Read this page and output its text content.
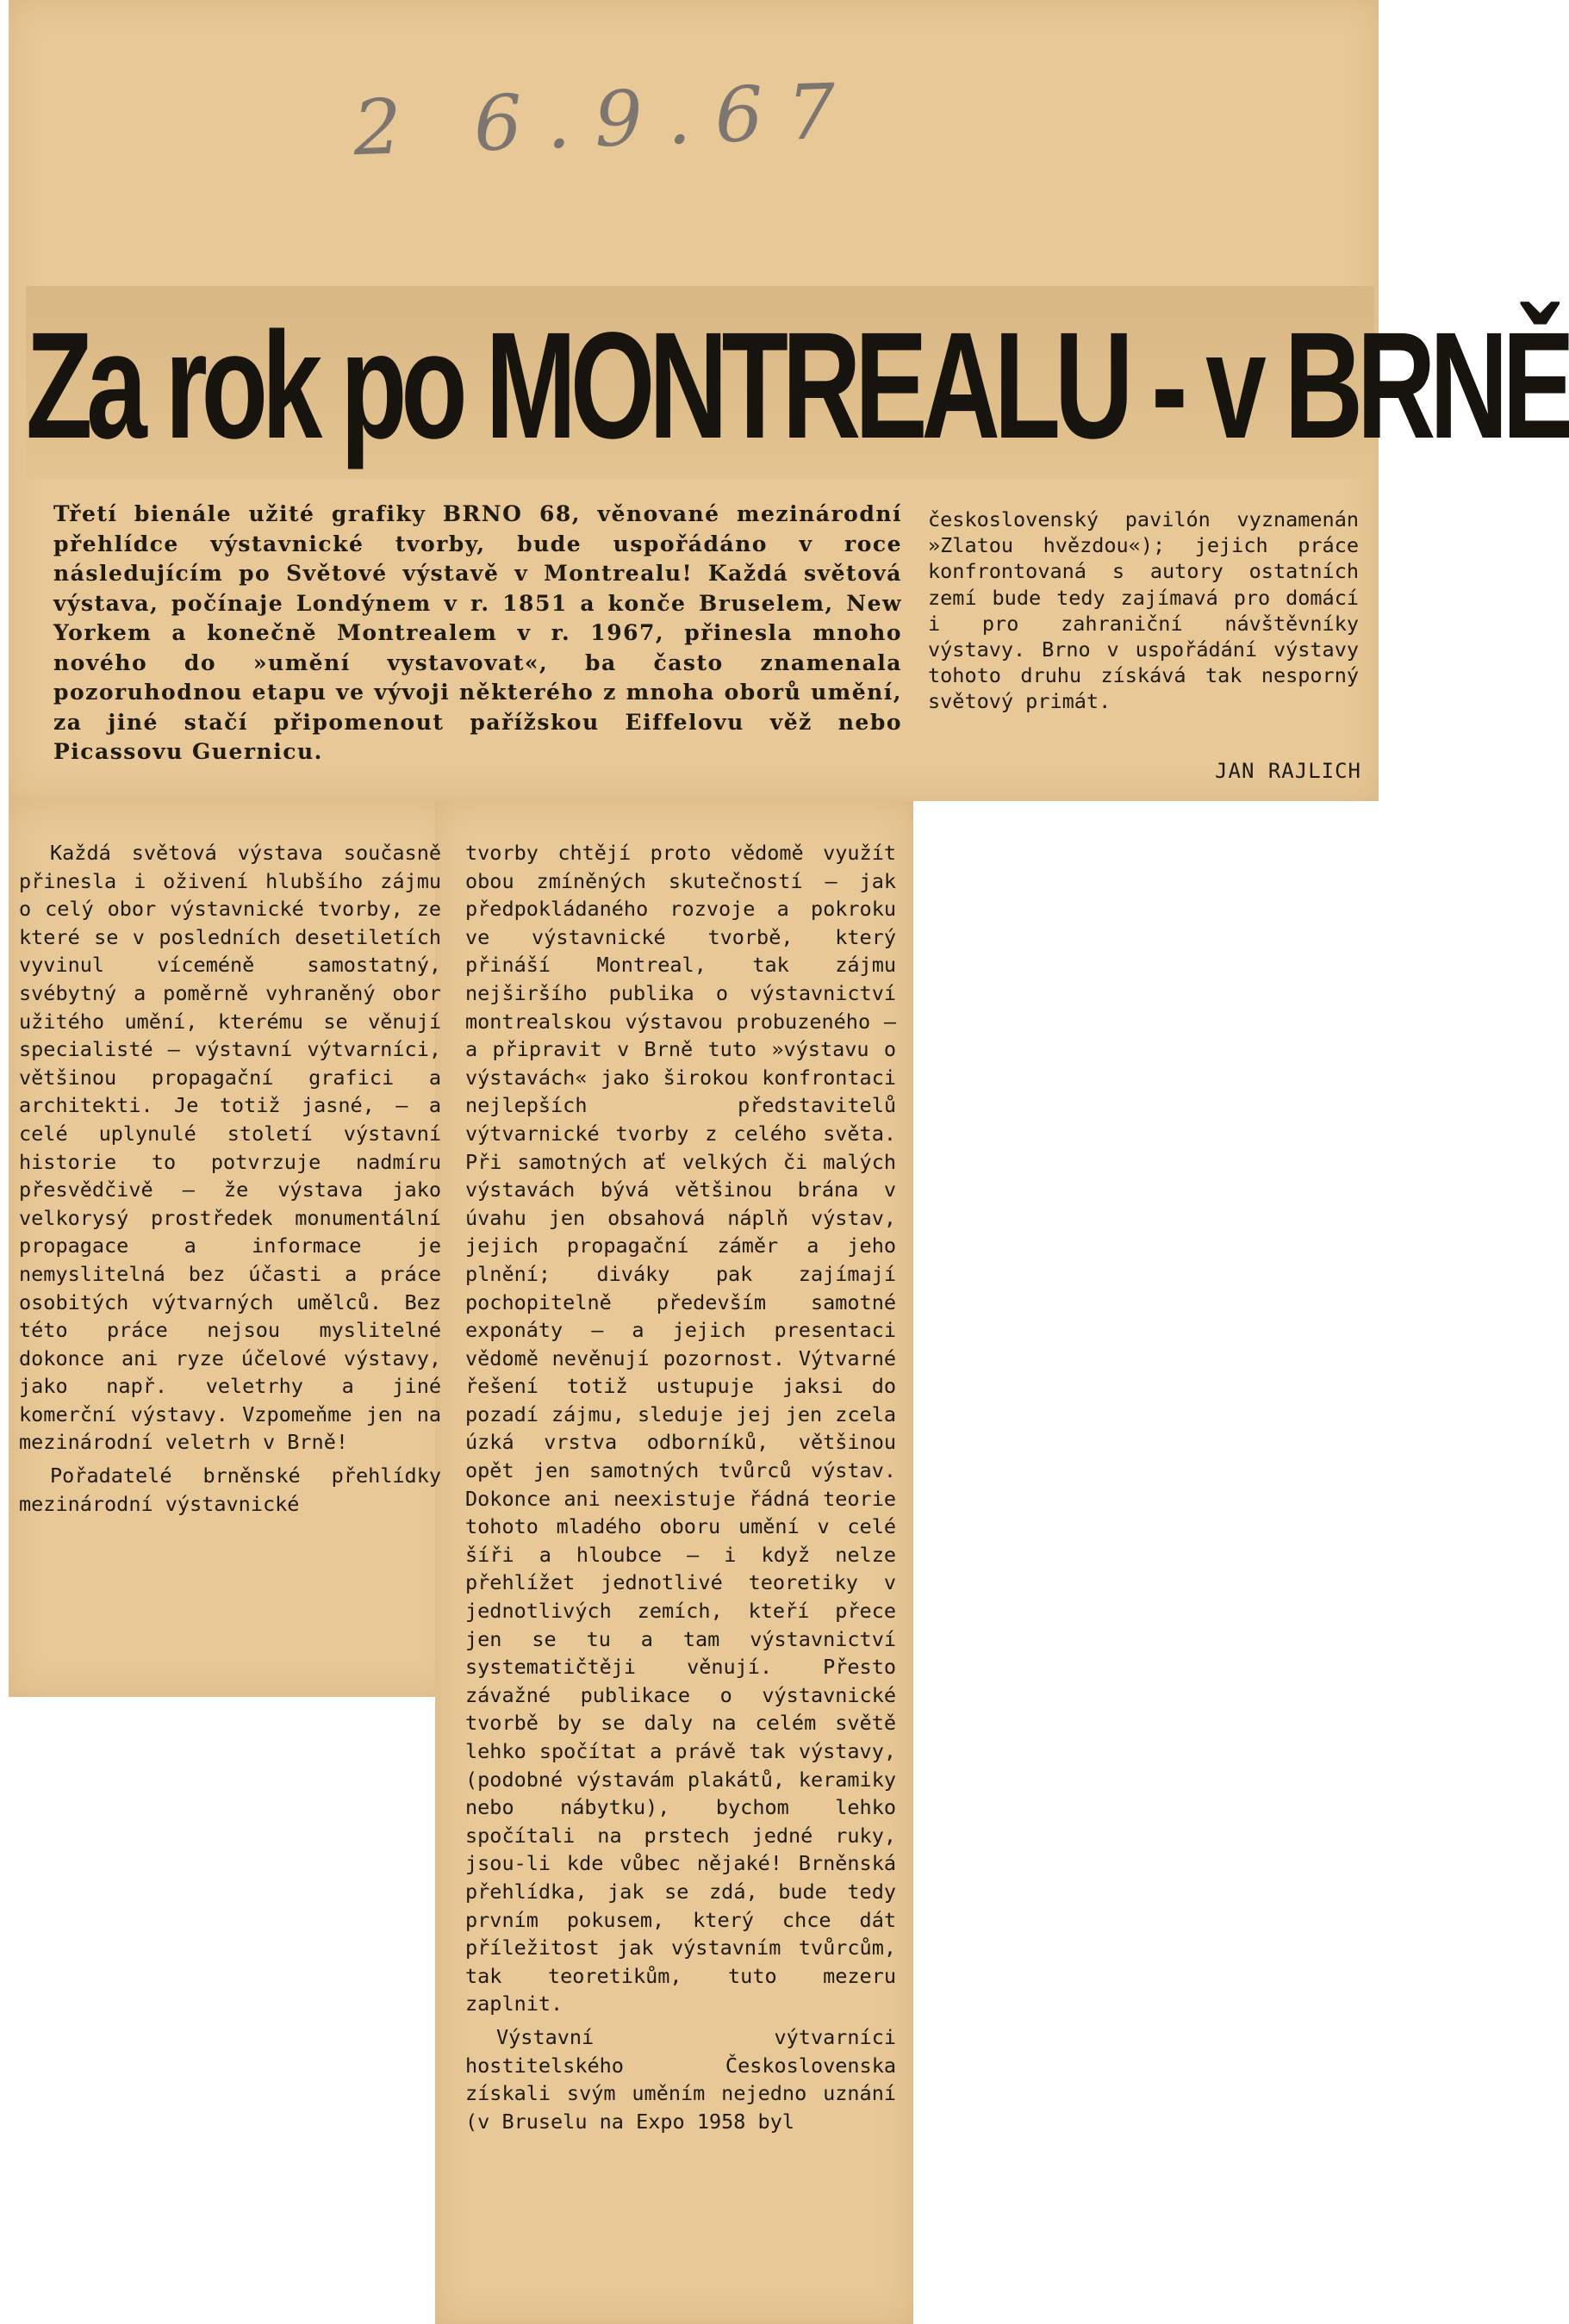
2 6.9.67
Za rok po MONTREALU - v BRNĚ

Třetí bienále užité grafiky BRNO 68, věnované mezinárodní přehlídce výstavnické tvorby, bude uspořádáno v roce následujícím po Světové výstavě v Montrealu! Každá světová výstava, počínaje Londýnem v r. 1851 a konče Bruselem, New Yorkem a konečně Montrealem v r. 1967, přinesla mnoho nového do »umění vystavovat«, ba často znamenala pozoruhodnou etapu ve vývoji některého z mnoha oborů umění, za jiné stačí připomenout pařížskou Eiffelovu věž nebo Picassovu Guernicu.

československý pavilón vyznamenán »Zlatou hvězdou«); jejich práce konfrontovaná s autory ostatních zemí bude tedy zajímavá pro domácí i pro zahraniční návštěvníky výstavy. Brno v uspořádání výstavy tohoto druhu získává tak nesporný světový primát.

JAN RAJLICH

Každá světová výstava současně přinesla i oživení hlubšího zájmu o celý obor výstavnické tvorby, ze které se v posledních desetiletích vyvinul víceméně samostatný, svébytný a poměrně vyhraněný obor užitého umění, kterému se věnují specialisté — výstavní výtvarníci, většinou propagační grafici a architekti. Je totiž jasné, — a celé uplynulé století výstavní historie to potvrzuje nadmíru přesvědčivě — že výstava jako velkorysý prostředek monumentální propagace a informace je nemyslitelná bez účasti a práce osobitých výtvarných umělců. Bez této práce nejsou myslitelné dokonce ani ryze účelové výstavy, jako např. veletrhy a jiné komerční výstavy. Vzpomeňme jen na mezinárodní veletrh v Brně!

Pořadatelé brněnské přehlídky mezinárodní výstavnické

tvorby chtějí proto vědomě využít obou zmíněných skutečností — jak předpokládaného rozvoje a pokroku ve výstavnické tvorbě, který přináší Montreal, tak zájmu nejširšího publika o výstavnictví montrealskou výstavou probuzeného — a připravit v Brně tuto »výstavu o výstavách« jako širokou konfrontaci nejlepších představitelů výtvarnické tvorby z celého světa. Při samotných ať velkých či malých výstavách bývá většinou brána v úvahu jen obsahová náplň výstav, jejich propagační záměr a jeho plnění; diváky pak zajímají pochopitelně především samotné exponáty — a jejich presentaci vědomě nevěnují pozornost. Výtvarné řešení totiž ustupuje jaksi do pozadí zájmu, sleduje jej jen zcela úzká vrstva odborníků, většinou opět jen samotných tvůrců výstav. Dokonce ani neexistuje řádná teorie tohoto mladého oboru umění v celé šíři a hloubce — i když nelze přehlížet jednotlivé teoretiky v jednotlivých zemích, kteří přece jen se tu a tam výstavnictví systematičtěji věnují. Přesto závažné publikace o výstavnické tvorbě by se daly na celém světě lehko spočítat a právě tak výstavy, (podobné výstavám plakátů, keramiky nebo nábytku), bychom lehko spočítali na prstech jedné ruky, jsou-li kde vůbec nějaké! Brněnská přehlídka, jak se zdá, bude tedy prvním pokusem, který chce dát příležitost jak výstavním tvůrcům, tak teoretikům, tuto mezeru zaplnit.

Výstavní výtvarníci hostitelského Československa získali svým uměním nejedno uznání (v Bruselu na Expo 1958 byl
